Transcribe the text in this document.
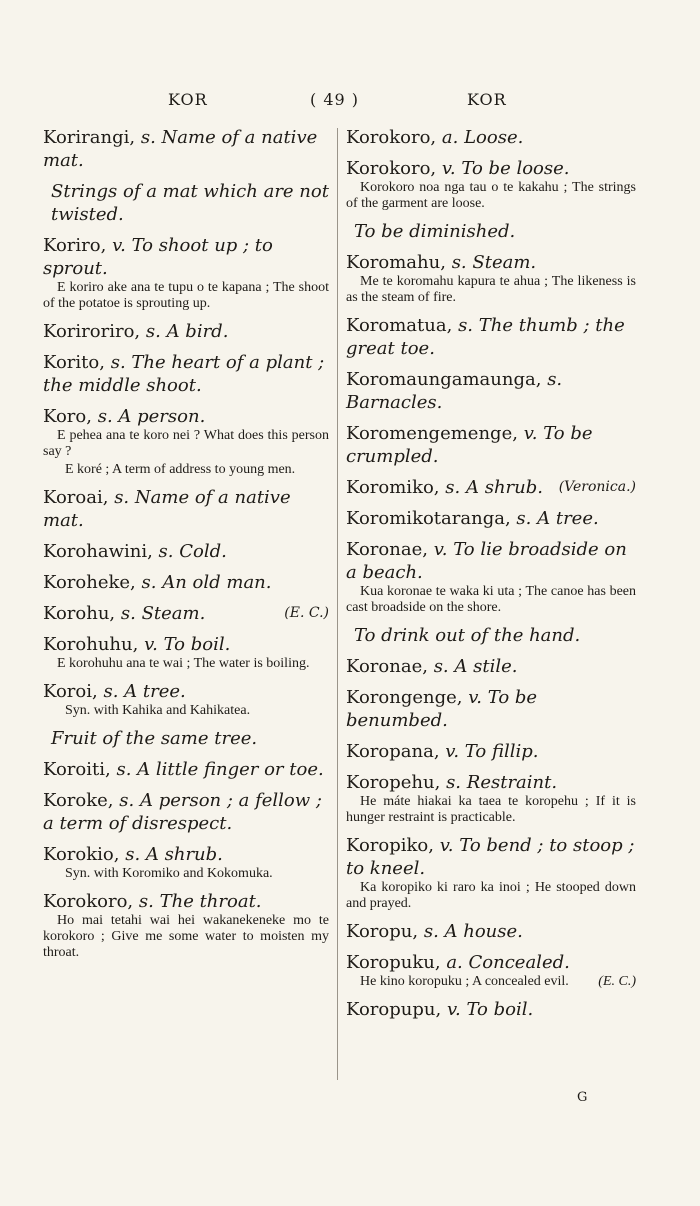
KOR	( 49 )	KOR
Korirangi, s. Name of a native mat.
Strings of a mat which are not twisted.
Koriro, v. To shoot up ; to sprout.
E koriro ake ana te tupu o te kapana ; The shoot of the potatoe is sprouting up.
Koriroriro, s. A bird.
Korito, s. The heart of a plant ; the middle shoot.
Koro, s. A person.
E pehea ana te koro nei ? What does this person say ?
E koré ; A term of address to young men.
Koroai, s. Name of a native mat.
Korohawini, s. Cold.
Koroheke, s. An old man.
Korohu, s. Steam.	(E. C.)
Korohuhu, v. To boil.
E korohuhu ana te wai ; The water is boiling.
Koroi, s. A tree.
Syn. with Kahika and Kahikatea.
Fruit of the same tree.
Koroiti, s. A little finger or toe.
Koroke, s. A person ; a fellow ; a term of disrespect.
Korokio, s. A shrub.
Syn. with Koromiko and Kokomuka.
Korokoro, s. The throat.
Ho mai tetahi wai hei wakanekeneke mo te korokoro ; Give me some water to moisten my throat.
Korokoro, a. Loose.
Korokoro, v. To be loose.
Korokoro noa nga tau o te kakahu ; The strings of the garment are loose.
To be diminished.
Koromahu, s. Steam.
Me te koromahu kapura te ahua ; The likeness is as the steam of fire.
Koromatua, s. The thumb ; the great toe.
Koromaungamaunga, s. Barnacles.
Koromengemenge, v. To be crumpled.
Koromiko, s. A shrub. (Veronica.)
Koromikotaranga, s. A tree.
Koronae, v. To lie broadside on a beach.
Kua koronae te waka ki uta ; The canoe has been cast broadside on the shore.
To drink out of the hand.
Koronae, s. A stile.
Korongenge, v. To be benumbed.
Koropana, v. To fillip.
Koropehu, s. Restraint.
He máte hiakai ka taea te koropehu ; If it is hunger restraint is practicable.
Koropiko, v. To bend ; to stoop ; to kneel.
Ka koropiko ki raro ka inoi ; He stooped down and prayed.
Koropu, s. A house.
Koropuku, a. Concealed.
He kino koropuku ; A concealed evil.	(E. C.)
Koropupu, v. To boil.
G
